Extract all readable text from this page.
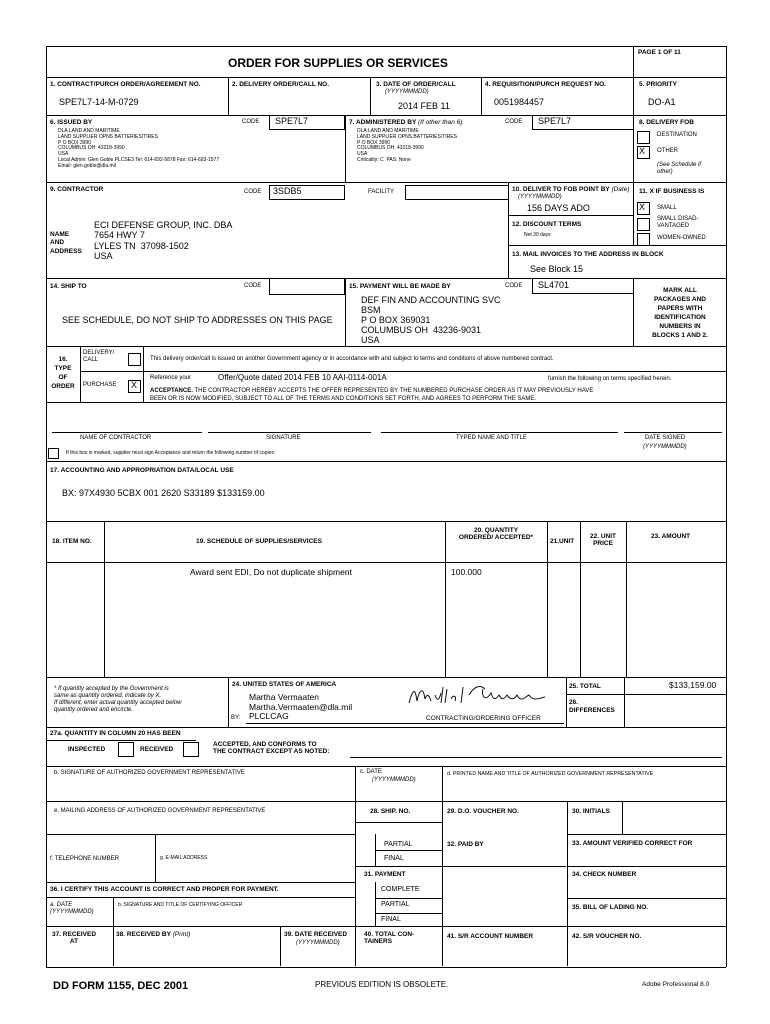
ORDER FOR SUPPLIES OR SERVICES
PAGE 1 OF 11
1. CONTRACT/PURCH ORDER/AGREEMENT NO.
SPE7L7-14-M-0729
2. DELIVERY ORDER/CALL NO.	3. DATE OF ORDER/CALL
(YYYYMMMDD)
2014 FEB 11
4. REQUISITION/PURCH REQUEST NO.
0051984457
5. PRIORITY
DO-A1
6. ISSUED BY	CODE SPE7L7
DLA LAND AND MARITIME
LAND SUPPLIER OPNS BATTERIES/TIRES
P O BOX 3990
COLUMBUS OH  43218-3990
USA
Local Admin: Glen Goble PLCSE3 Tel: 614-692-5878 Fax: 614-693-1577
Email: glen.goble@dla.mil
7. ADMINISTERED BY (If other than 6)	CODE SPE7L7
DLA LAND AND MARITIME
LAND SUPPLIER OPNS BATTERIES/TIRES
P O BOX 3990
COLUMBUS OH  43218-3990
USA
Criticality: C  PAS: None
8. DELIVERY FOB
DESTINATION
X OTHER
(See Schedule if
other)
9. CONTRACTOR	CODE 3SDB5	FACILITY
NAME
AND
ADDRESS
ECI DEFENSE GROUP, INC. DBA
7654 HWY 7
LYLES TN  37098-1502
USA
10. DELIVER TO FOB POINT BY (Date)
(YYYYMMMDD)
156 DAYS ADO
12. DISCOUNT TERMS
Net 30 days
11. X IF BUSINESS IS
X SMALL
SMALL DISAD-
VANTAGED
WOMEN-OWNED
13. MAIL INVOICES TO THE ADDRESS IN BLOCK
See Block 15
14. SHIP TO	CODE
SEE SCHEDULE, DO NOT SHIP TO ADDRESSES ON THIS PAGE
15. PAYMENT WILL BE MADE BY	CODE SL4701
DEF FIN AND ACCOUNTING SVC
BSM
P O BOX 369031
COLUMBUS OH  43236-9031
USA
MARK ALL
PACKAGES AND
PAPERS WITH
IDENTIFICATION
NUMBERS IN
BLOCKS 1 AND 2.
16.
TYPE
OF
ORDER
DELIVERY/
CALL	This delivery order/call is issued on another Government agency or in accordance with and subject to terms and conditions of above numbered contract.
PURCHASE X
Reference your	Offer/Quote dated 2014 FEB 10 AAI-0114-001A	furnish the following on terms specified herein.
ACCEPTANCE. THE CONTRACTOR HEREBY ACCEPTS THE OFFER REPRESENTED BY THE NUMBERED PURCHASE ORDER AS IT MAY PREVIOUSLY HAVE
BEEN OR IS NOW MODIFIED, SUBJECT TO ALL OF THE TERMS AND CONDITIONS SET FORTH, AND AGREES TO PERFORM THE SAME.
NAME OF CONTRACTOR	SIGNATURE	TYPED NAME AND TITLE	DATE SIGNED
(YYYYMMMDD)
If this box is marked, supplier must sign Acceptance and return the following number of copies:
17. ACCOUNTING AND APPROPRIATION DATA/LOCAL USE
BX: 97X4930 5CBX 001 2620 S33189 $133159.00
18. ITEM NO.	19. SCHEDULE OF SUPPLIES/SERVICES
20. QUANTITY
ORDERED/ ACCEPTED*
21.UNIT
22. UNIT
PRICE
23. AMOUNT
Award sent EDI, Do not duplicate shipment	100.000
* If quantity accepted by the Government is
same as quantity ordered, indicate by X.
If different, enter actual quantity accepted below
quantity ordered and encircle.
24. UNITED STATES OF AMERICA
Martha Vermaaten
Martha.Vermaaten@dla.mil
BY: PLCLCAG	CONTRACTING/ORDERING OFFICER
25. TOTAL	$133,159.00
26.
DIFFERENCES
27a. QUANTITY IN COLUMN 20 HAS BEEN
INSPECTED	RECEIVED
ACCEPTED, AND CONFORMS TO
THE CONTRACT EXCEPT AS NOTED:
b. SIGNATURE OF AUTHORIZED GOVERNMENT REPRESENTATIVE	c. DATE
(YYYYMMMDD)
d. PRINTED NAME AND TITLE OF AUTHORIZED GOVERNMENT REPRESENTATIVE
e. MAILING ADDRESS OF AUTHORIZED GOVERNMENT REPRESENTATIVE
f. TELEPHONE NUMBER	g. E-MAIL ADDRESS
28. SHIP. NO.	29. D.O. VOUCHER NO.	30. INITIALS
PARTIAL
FINAL
31. PAYMENT
COMPLETE
PARTIAL
FINAL
32. PAID BY	33. AMOUNT VERIFIED CORRECT FOR
34. CHECK NUMBER
35. BILL OF LADING NO.
36. I CERTIFY THIS ACCOUNT IS CORRECT AND PROPER FOR PAYMENT.
a. DATE
(YYYYMMMDD)
b. SIGNATURE AND TITLE OF CERTIFYING OFFICER
37. RECEIVED
AT
38. RECEIVED BY (Print)	39. DATE RECEIVED
(YYYYMMMDD)
40. TOTAL CON-
TAINERS
41. S/R ACCOUNT NUMBER	42. S/R VOUCHER NO.
DD FORM 1155, DEC 2001	PREVIOUS EDITION IS OBSOLETE.	Adobe Professional 8.0
